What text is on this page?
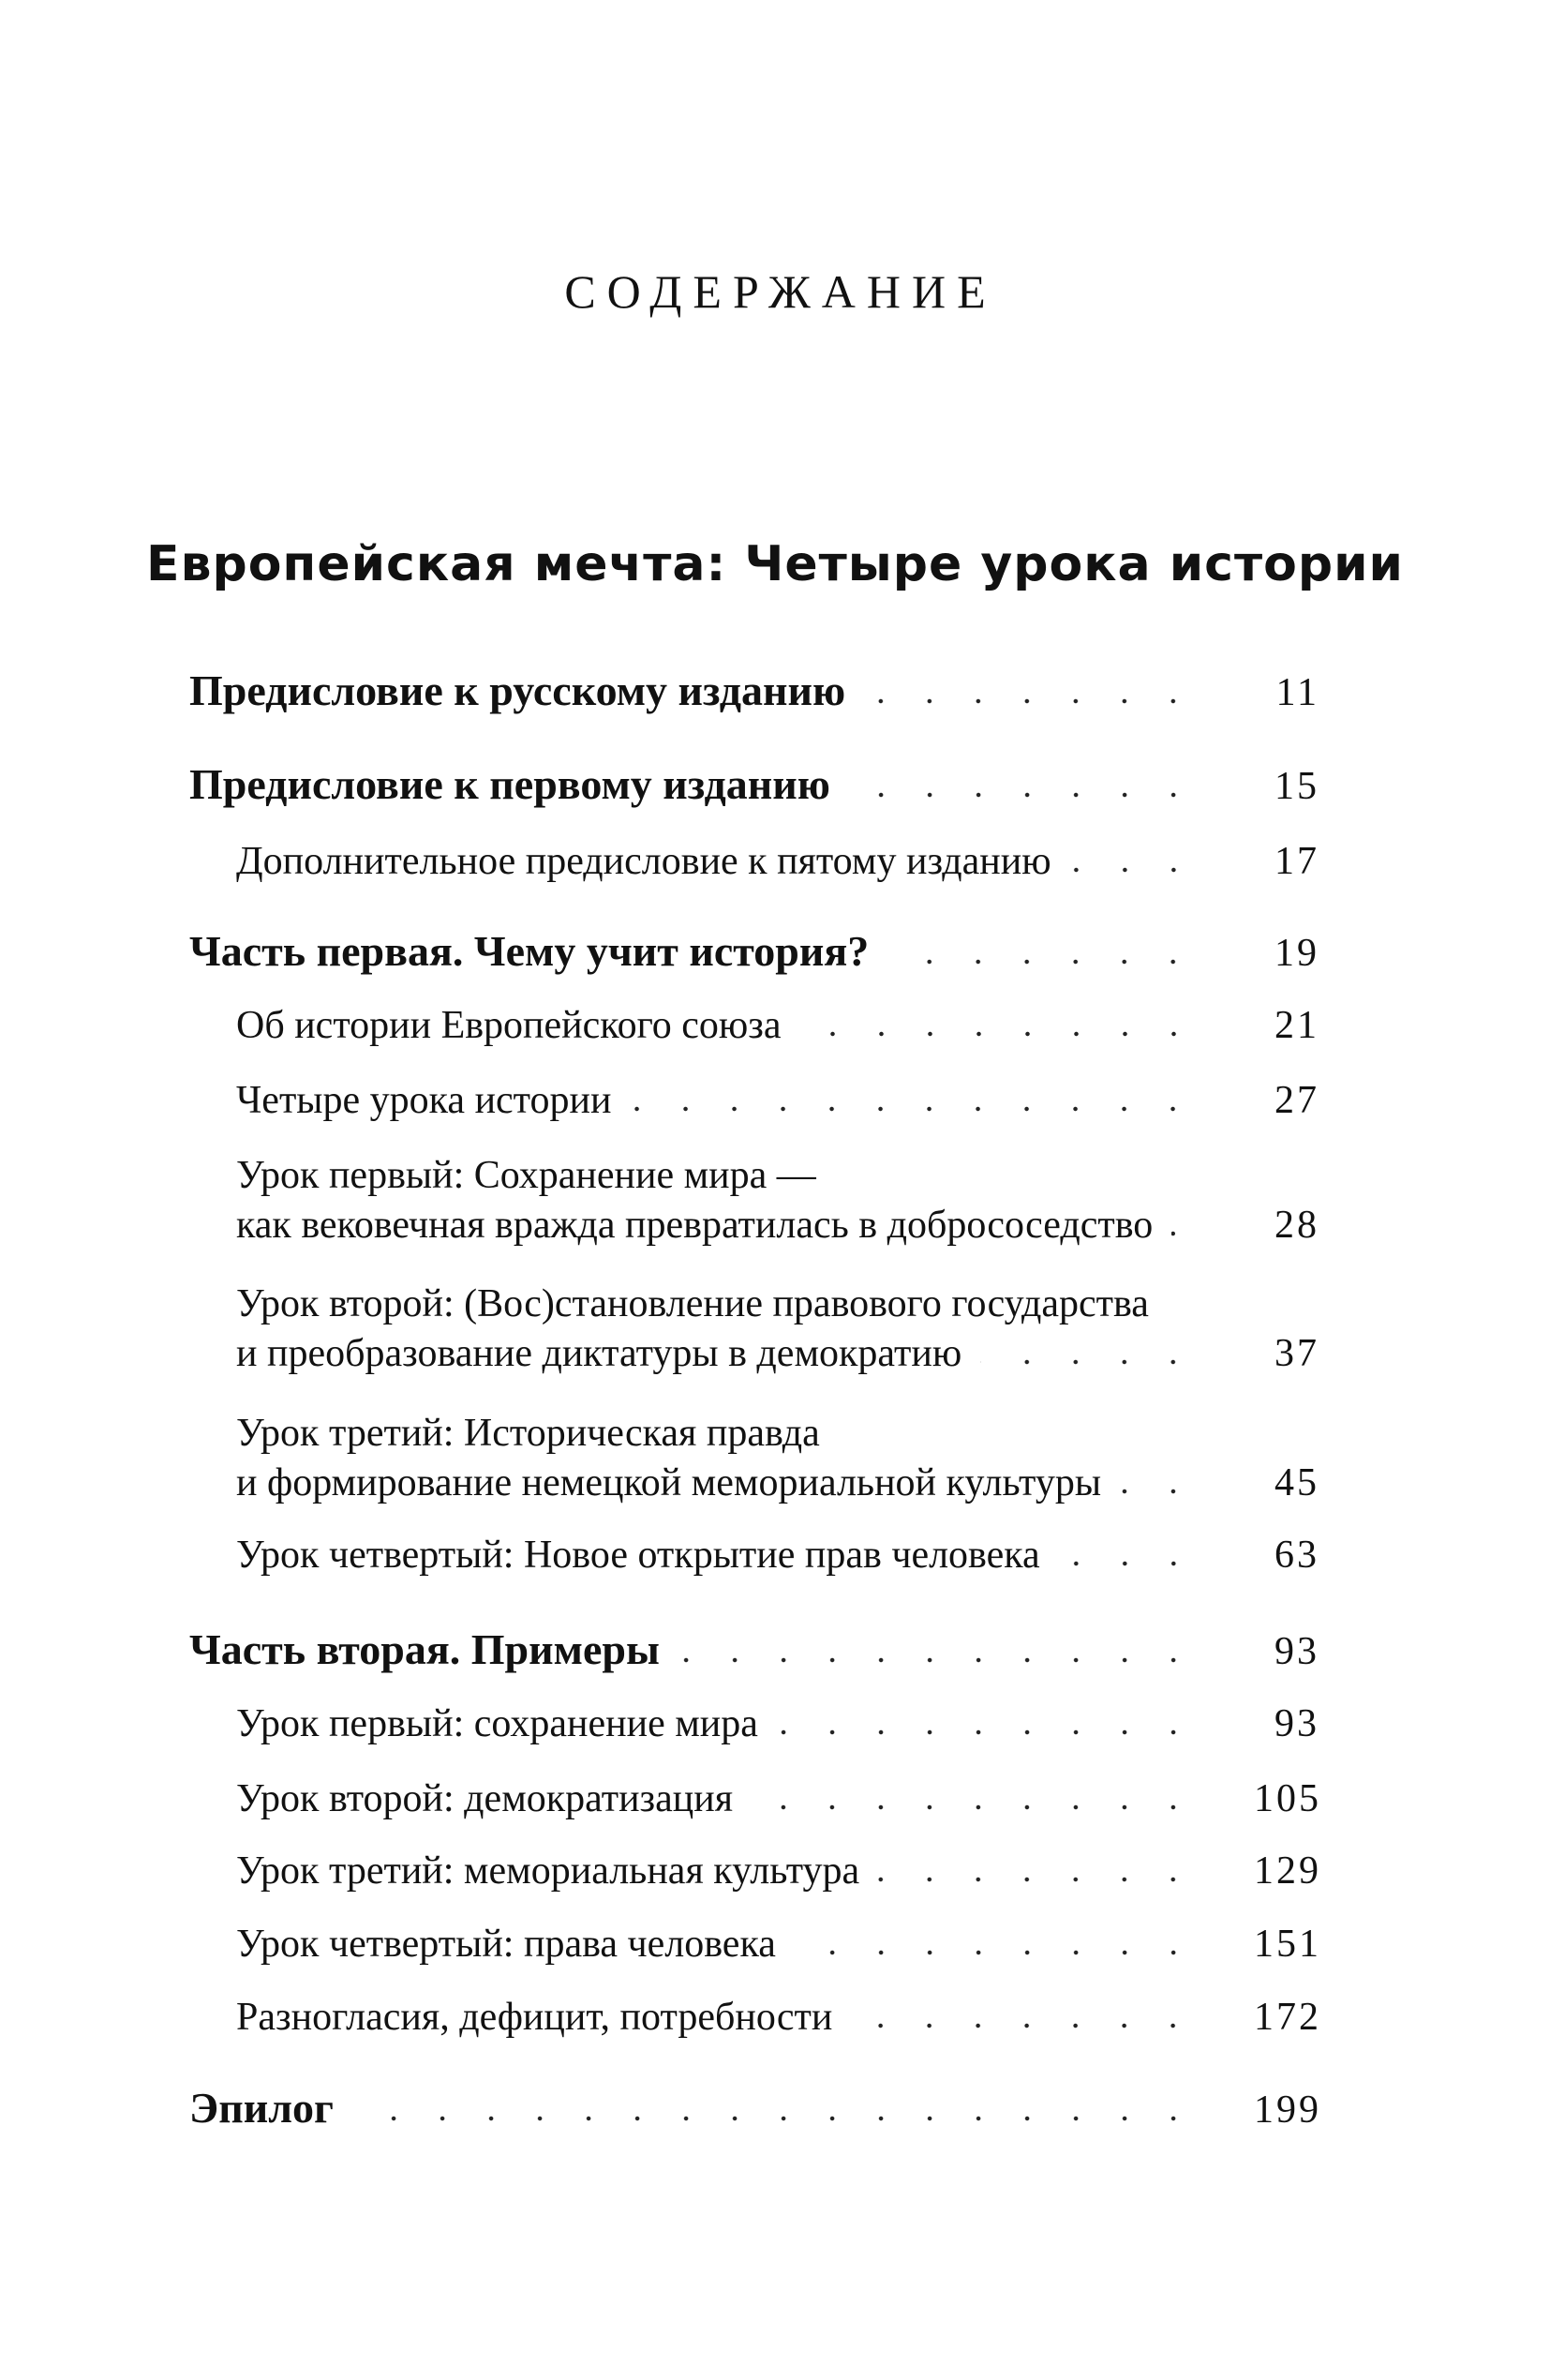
СОДЕРЖАНИЕ
Европейская мечта: Четыре урока истории
Предисловие к русскому изданию	11
Предисловие к первому изданию	15
Дополнительное предисловие к пятому изданию	17
Часть первая. Чему учит история?	19
Об истории Европейского союза	21
Четыре урока истории	27
Урок первый: Сохранение мира —
как вековечная вражда превратилась в добрососедство	28
Урок второй: (Вос)становление правового государства
и преобразование диктатуры в демократию	37
Урок третий: Историческая правда
и формирование немецкой мемориальной культуры	45
Урок четвертый: Новое открытие прав человека	63
Часть вторая. Примеры	93
Урок первый: сохранение мира	93
Урок второй: демократизация	105
Урок третий: мемориальная культура	129
Урок четвертый: права человека	151
Разногласия, дефицит, потребности	172
Эпилог	199
